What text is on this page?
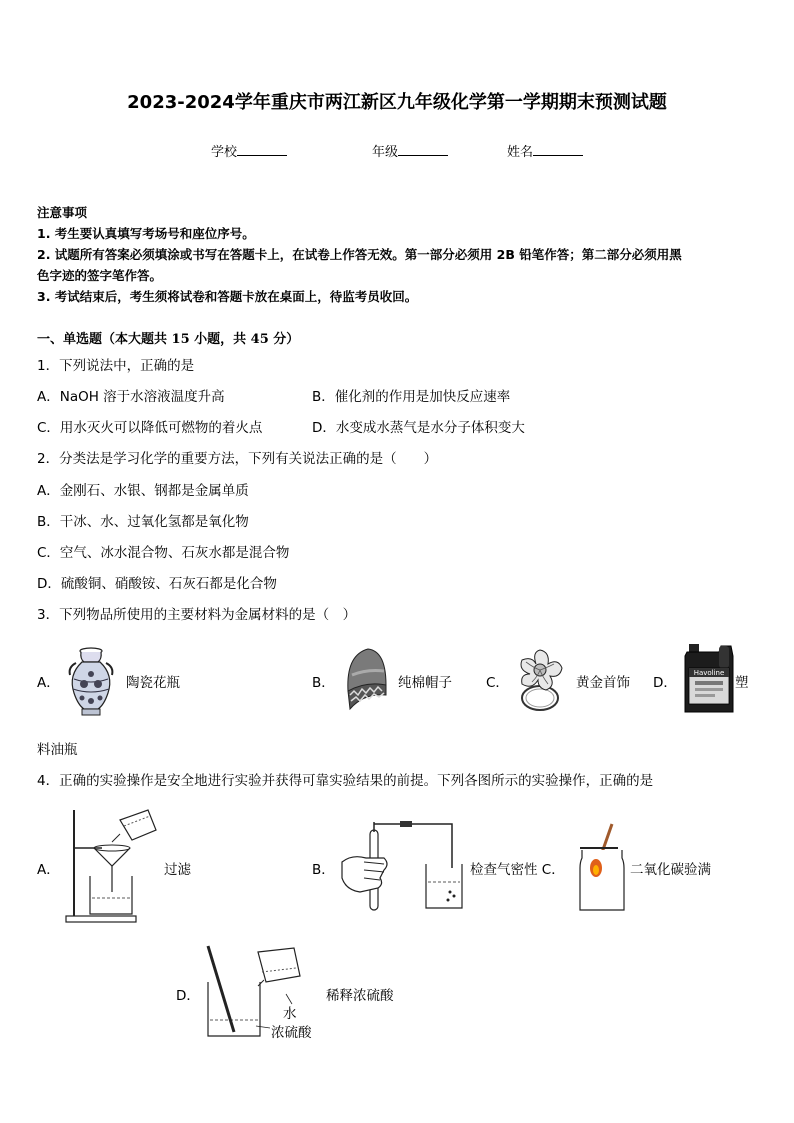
2023-2024学年重庆市两江新区九年级化学第一学期期末预测试题
学校	年级	姓名
注意事项
1. 考生要认真填写考场号和座位序号。
2. 试题所有答案必须填涂或书写在答题卡上，在试卷上作答无效。第一部分必须用 2B 铅笔作答；第二部分必须用黑
色字迹的签字笔作答。
3. 考试结束后，考生须将试卷和答题卡放在桌面上，待监考员收回。
一、单选题（本大题共 15 小题，共 45 分）
1．下列说法中，正确的是
A．NaOH 溶于水溶液温度升高	B．催化剂的作用是加快反应速率
C．用水灭火可以降低可燃物的着火点	D．水变成水蒸气是水分子体积变大
2．分类法是学习化学的重要方法，下列有关说法正确的是（　　）
A．金刚石、水银、钢都是金属单质
B．干冰、水、过氧化氢都是氧化物
C．空气、冰水混合物、石灰水都是混合物
D．硫酸铜、硝酸铵、石灰石都是化合物
3．下列物品所使用的主要材料为金属材料的是（　）
A．	陶瓷花瓶	B．	纯棉帽子	C．	黄金首饰 D．
Havoline
塑
料油瓶
4．正确的实验操作是安全地进行实验并获得可靠实验结果的前提。下列各图所示的实验操作，正确的是
A．	过滤	B．	检查气密性 C．	二氧化碳验满
D．	稀释浓硫酸
水
浓硫酸
